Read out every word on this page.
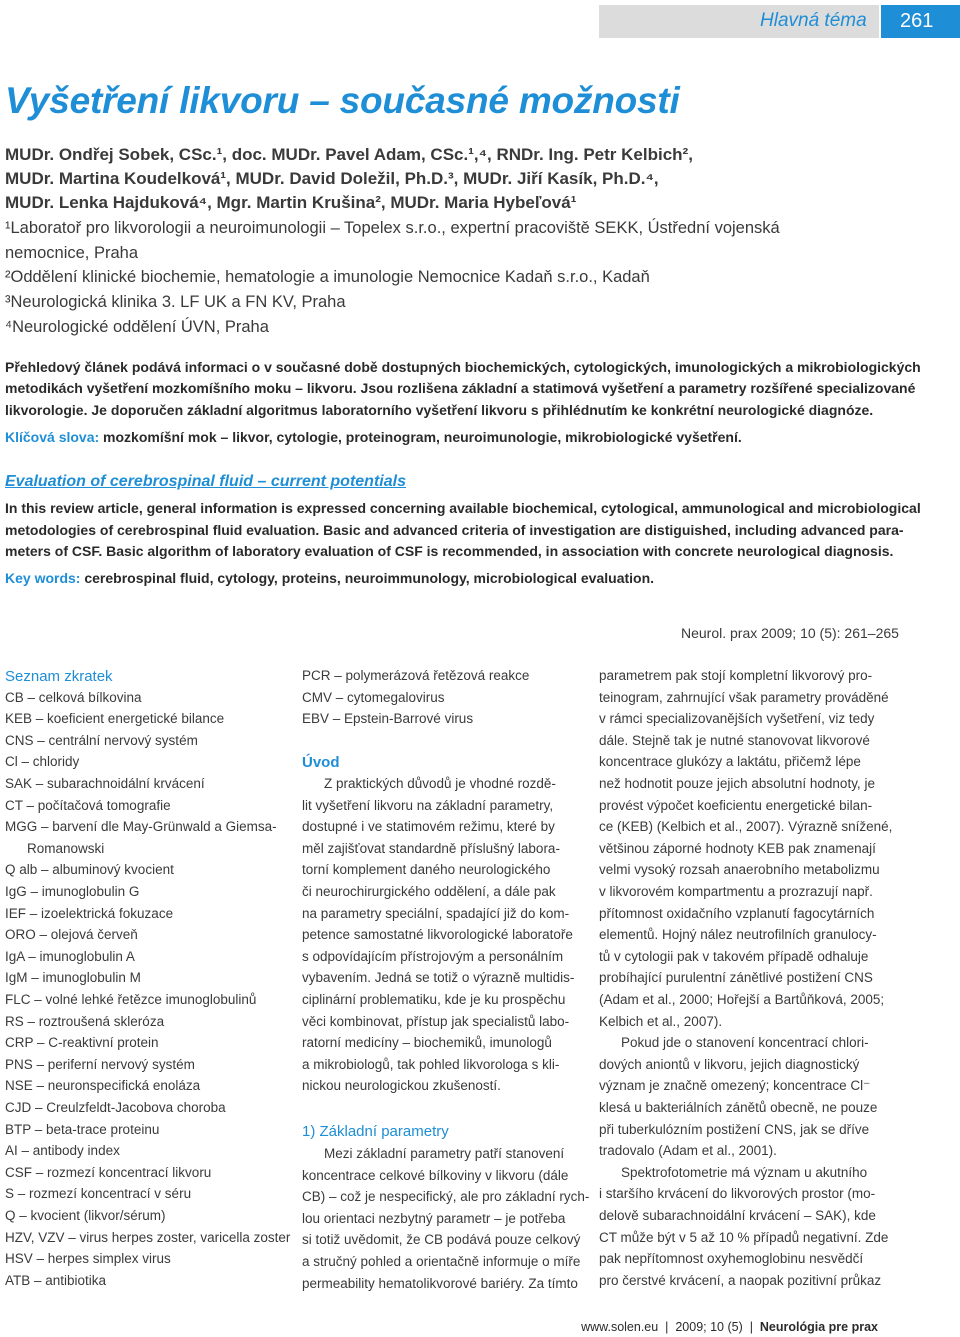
Hlavná téma 261
Vyšetření likvoru – současné možnosti
MUDr. Ondřej Sobek, CSc.¹, doc. MUDr. Pavel Adam, CSc.¹,⁴, RNDr. Ing. Petr Kelbich²,
MUDr. Martina Koudelková¹, MUDr. David Doležil, Ph.D.³, MUDr. Jiří Kasík, Ph.D.⁴,
MUDr. Lenka Hajduková⁴, Mgr. Martin Krušina², MUDr. Maria Hybeľová¹
¹Laboratoř pro likvorologii a neuroimunologii – Topelex s.r.o., expertní pracoviště SEKK, Ústřední vojenská
nemocnice, Praha
²Oddělení klinické biochemie, hematologie a imunologie Nemocnice Kadaň s.r.o., Kadaň
³Neurologická klinika 3. LF UK a FN KV, Praha
⁴Neurologické oddělení ÚVN, Praha
Přehledový článek podává informaci o v současné době dostupných biochemických, cytologických, imunologických a mikrobiologických
metodikách vyšetření mozkomíšního moku – likvoru. Jsou rozlišena základní a statimová vyšetření a parametry rozšířené specializované
likvorologie. Je doporučen základní algoritmus laboratorního vyšetření likvoru s přihlédnutím ke konkrétní neurologické diagnóze.
Klíčová slova: mozkomíšní mok – likvor, cytologie, proteinogram, neuroimunologie, mikrobiologické vyšetření.
Evaluation of cerebrospinal fluid – current potentials
In this review article, general information is expressed concerning available biochemical, cytological, ammunological and microbiological
metodologies of cerebrospinal fluid evaluation. Basic and advanced criteria of investigation are distiguished, including advanced para-
meters of CSF. Basic algorithm of laboratory evaluation of CSF is recommended, in association with concrete neurological diagnosis.
Key words: cerebrospinal fluid, cytology, proteins, neuroimmunology, microbiological evaluation.
Neurol. prax 2009; 10 (5): 261–265
Seznam zkratek
CB – celková bílkovina
KEB – koeficient energetické bilance
CNS – centrální nervový systém
Cl – chloridy
SAK – subarachnoidální krvácení
CT – počítačová tomografie
MGG – barvení dle May-Grünwald a Giemsa-
Romanowski
Q alb – albuminový kvocient
IgG – imunoglobulin G
IEF – izoelektrická fokuzace
ORO – olejová červeň
IgA – imunoglobulin A
IgM – imunoglobulin M
FLC – volné lehké řetězce imunoglobulinů
RS – roztroušená skleróza
CRP – C-reaktivní protein
PNS – periferní nervový systém
NSE – neuronspecifická enoláza
CJD – Creulzfeldt-Jacobova choroba
BTP – beta-trace proteinu
AI – antibody index
CSF – rozmezí koncentrací likvoru
S – rozmezí koncentrací v séru
Q – kvocient (likvor/sérum)
HZV, VZV – virus herpes zoster, varicella zoster
HSV – herpes simplex virus
ATB – antibiotika
Úvod
1) Základní parametry
PCR – polymerázová řetězová reakce
CMV – cytomegalovirus
EBV – Epstein-Barrové virus
Z praktických důvodů je vhodné rozdě-
lit vyšetření likvoru na základní parametry,
dostupné i ve statimovém režimu, které by
měl zajišťovat standardně příslušný labora-
torní komplement daného neurologického
či neurochirurgického oddělení, a dále pak
na parametry speciální, spadající již do kom-
petence samostatné likvorologické laboratoře
s odpovídajícím přístrojovým a personálním
vybavením. Jedná se totiž o výrazně multidis-
ciplinární problematiku, kde je ku prospěchu
věci kombinovat, přístup jak specialistů labo-
ratorní medicíny – biochemiků, imunologů
a mikrobiologů, tak pohled likvorologa s kli-
nickou neurologickou zkušeností.
Mezi základní parametry patří stanovení
koncentrace celkové bílkoviny v likvoru (dále
CB) – což je nespecifický, ale pro základní rych-
lou orientaci nezbytný parametr – je potřeba
si totiž uvědomit, že CB podává pouze celkový
a stručný pohled a orientačně informuje o míře
permeability hematolikvorové bariéry. Za tímto
parametrem pak stojí kompletní likvorový pro-
teinogram, zahrnující však parametry prováděné
v rámci specializovanějších vyšetření, viz tedy
dále. Stejně tak je nutné stanovovat likvorové
koncentrace glukózy a laktátu, přičemž lépe
než hodnotit pouze jejich absolutní hodnoty, je
provést výpočet koeficientu energetické bilan-
ce (KEB) (Kelbich et al., 2007). Výrazně snížené,
většinou záporné hodnoty KEB pak znamenají
velmi vysoký rozsah anaerobního metabolizmu
v likvorovém kompartmentu a prozrazují např.
přítomnost oxidačního vzplanutí fagocytárních
elementů. Hojný nález neutrofilních granulocy-
tů v cytologii pak v takovém případě odhaluje
probíhající purulentní zánětlivé postižení CNS
(Adam et al., 2000; Hořejší a Bartůňková, 2005;
Kelbich et al., 2007).
Pokud jde o stanovení koncentrací chlori-
dových aniontů v likvoru, jejich diagnostický
význam je značně omezený; koncentrace Cl⁻
klesá u bakteriálních zánětů obecně, ne pouze
při tuberkulózním postižení CNS, jak se dříve
tradovalo (Adam et al., 2001).
Spektrofotometrie má význam u akutního
i staršího krvácení do likvorových prostor (mo-
delově subarachnoidální krvácení – SAK), kde
CT může být v 5 až 10 % případů negativní. Zde
pak nepřítomnost oxyhemoglobinu nesvědčí
pro čerstvé krvácení, a naopak pozitivní průkaz
www.solen.eu  |  2009; 10 (5)  |  Neurológia pre prax
